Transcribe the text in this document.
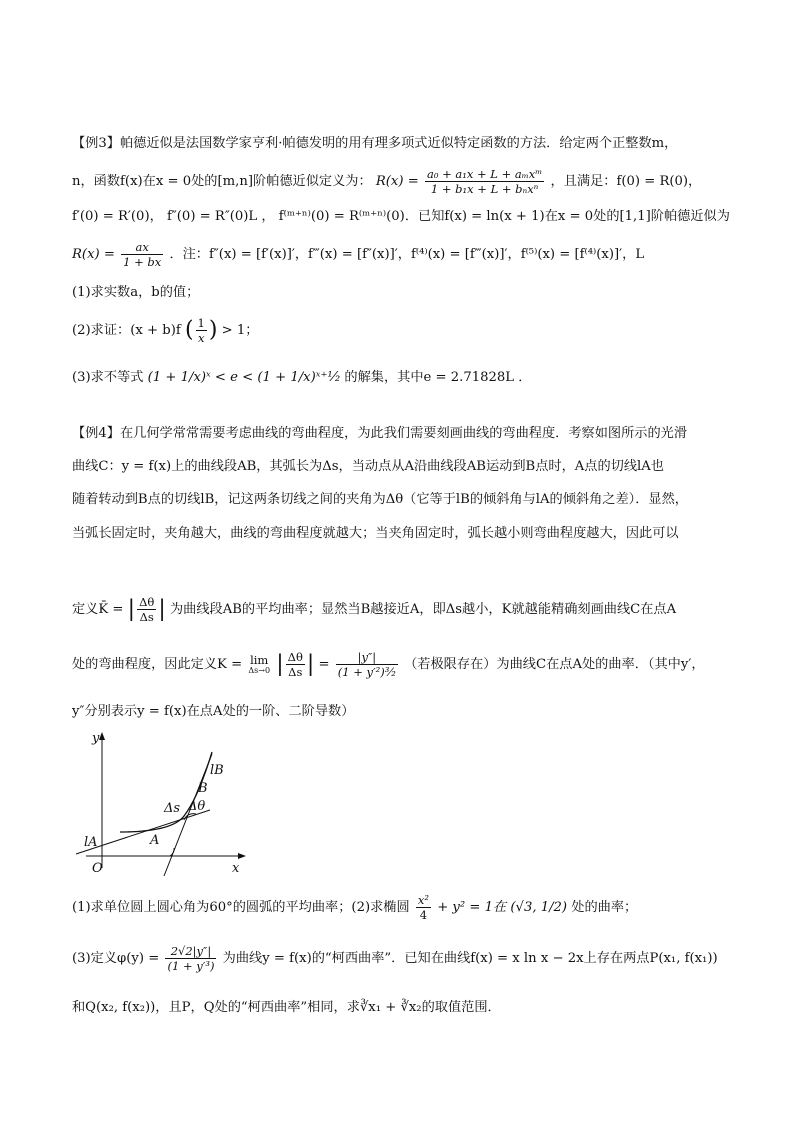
【例3】帕德近似是法国数学家亨利·帕德发明的用有理多项式近似特定函数的方法．给定两个正整数m，
n，函数f(x)在x = 0处的[m,n]阶帕德近似定义为： $R(x) = \frac{\text{a₀ + a₁x + L + aₘxᵐ}}{\text{1 + b₁x + L + bₙxⁿ}}$ ，且满足：f(0) = R(0)，
f′(0) = R′(0)， f″(0) = R″(0)L ， f⁽ᵐ⁺ⁿ⁾(0) = R⁽ᵐ⁺ⁿ⁾(0)．已知f(x) = ln(x + 1)在x = 0处的[1,1]阶帕德近似为
$R(x) = \frac{ax}{1 + bx}$ ．注：f″(x) = [f′(x)]′，f‴(x) = [f″(x)]′，f⁽⁴⁾(x) = [f‴(x)]′，f⁽⁵⁾(x) = [f⁽⁴⁾(x)]′，L
(1)求实数a，b的值；
(2)求证：(x + b)f ( $\frac{1}{x}$ ) > 1；
(3)求不等式 (1 + 1/x)ˣ < e < (1 + 1/x)ˣ⁺¹⁄₂ 的解集，其中e = 2.71828L ．
【例4】在几何学常常需要考虑曲线的弯曲程度，为此我们需要刻画曲线的弯曲程度．考察如图所示的光滑
曲线C：y = f(x)上的曲线段AB，其弧长为Δs，当动点从A沿曲线段AB运动到B点时，A点的切线lA也
随着转动到B点的切线lB，记这两条切线之间的夹角为Δθ（它等于lB的倾斜角与lA的倾斜角之差）．显然，
当弧长固定时，夹角越大，曲线的弯曲程度就越大；当夹角固定时，弧长越小则弯曲程度越大，因此可以
定义K̄ = | $\frac{\Delta\theta}{\Delta s}$ | 为曲线段AB的平均曲率；显然当B越接近A，即Δs越小，K就越能精确刻画曲线C在点A
处的弯曲程度，因此定义K = lim
Δs→0 | $\frac{\Delta\theta}{\Delta s}$ | = $\frac{|y''|}{\text{(1 + y′²)³⁄₂}}$ （若极限存在）为曲线C在点A处的曲率．（其中y′，
y″分别表示y = f(x)在点A处的一阶、二阶导数）
y
x
O
lB
lA
B
A
Δs Δθ
(1)求单位圆上圆心角为60°的圆弧的平均曲率；(2)求椭圆 $\frac{\text{x²}}{4} + y^2 = 1$在 (√3, 1/2) 处的曲率；
(3)定义$\varphi(y) = \frac{2√2|y''|}{\text{(1 + y′³)}}$ 为曲线y = f(x)的“柯西曲率”．已知在曲线f(x) = x ln x − 2x上存在两点P(x₁, f(x₁))
和Q(x₂, f(x₂))，且P，Q处的“柯西曲率”相同，求∛x₁ + ∛x₂的取值范围．
